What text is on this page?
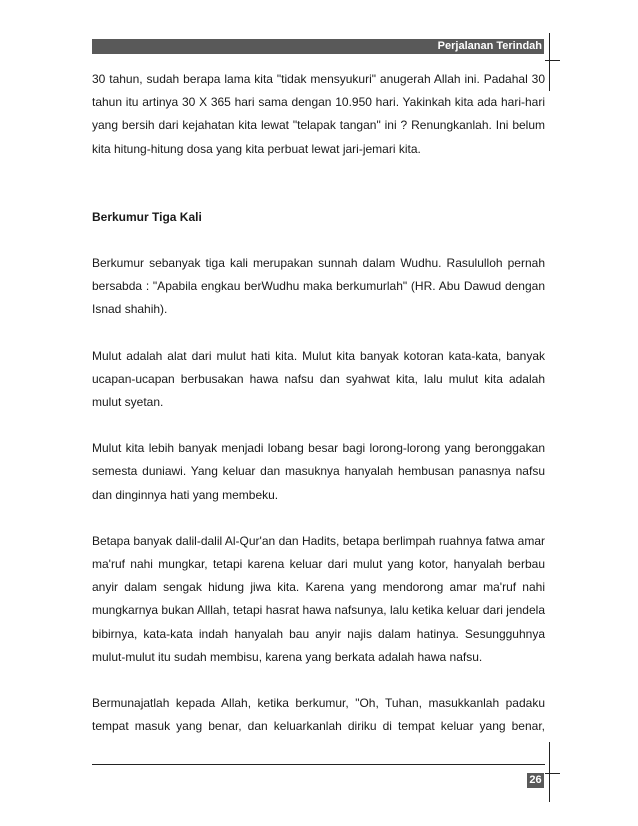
Perjalanan Terindah

30 tahun, sudah berapa lama kita "tidak mensyukuri" anugerah Allah ini. Padahal 30 tahun itu artinya 30 X 365 hari sama dengan 10.950 hari. Yakinkah kita ada hari-hari yang bersih dari kejahatan kita lewat "telapak tangan" ini ? Renungkanlah. Ini belum kita hitung-hitung dosa yang kita perbuat lewat jari-jemari kita.

Berkumur Tiga Kali

Berkumur sebanyak tiga kali merupakan sunnah dalam Wudhu. Rasululloh pernah bersabda : "Apabila engkau berWudhu maka berkumurlah" (HR. Abu Dawud dengan Isnad shahih).

Mulut adalah alat dari mulut hati kita. Mulut kita banyak kotoran kata-kata, banyak ucapan-ucapan berbusakan hawa nafsu dan syahwat kita, lalu mulut kita adalah mulut syetan.

Mulut kita lebih banyak menjadi lobang besar bagi lorong-lorong yang beronggakan semesta duniawi. Yang keluar dan masuknya hanyalah hembusan panasnya nafsu dan dinginnya hati yang membeku.

Betapa banyak dalil-dalil Al-Qur'an dan Hadits, betapa berlimpah ruahnya fatwa amar ma'ruf nahi mungkar, tetapi karena keluar dari mulut yang kotor, hanyalah berbau anyir dalam sengak hidung jiwa kita. Karena yang mendorong amar ma'ruf nahi mungkarnya bukan Alllah, tetapi hasrat hawa nafsunya, lalu ketika keluar dari jendela bibirnya, kata-kata indah hanyalah bau anyir najis dalam hatinya. Sesungguhnya mulut-mulut itu sudah membisu, karena yang berkata adalah hawa nafsu.

Bermunajatlah kepada Allah, ketika berkumur, "Oh, Tuhan, masukkanlah padaku tempat masuk yang benar, dan keluarkanlah diriku di tempat keluar yang benar,

26
